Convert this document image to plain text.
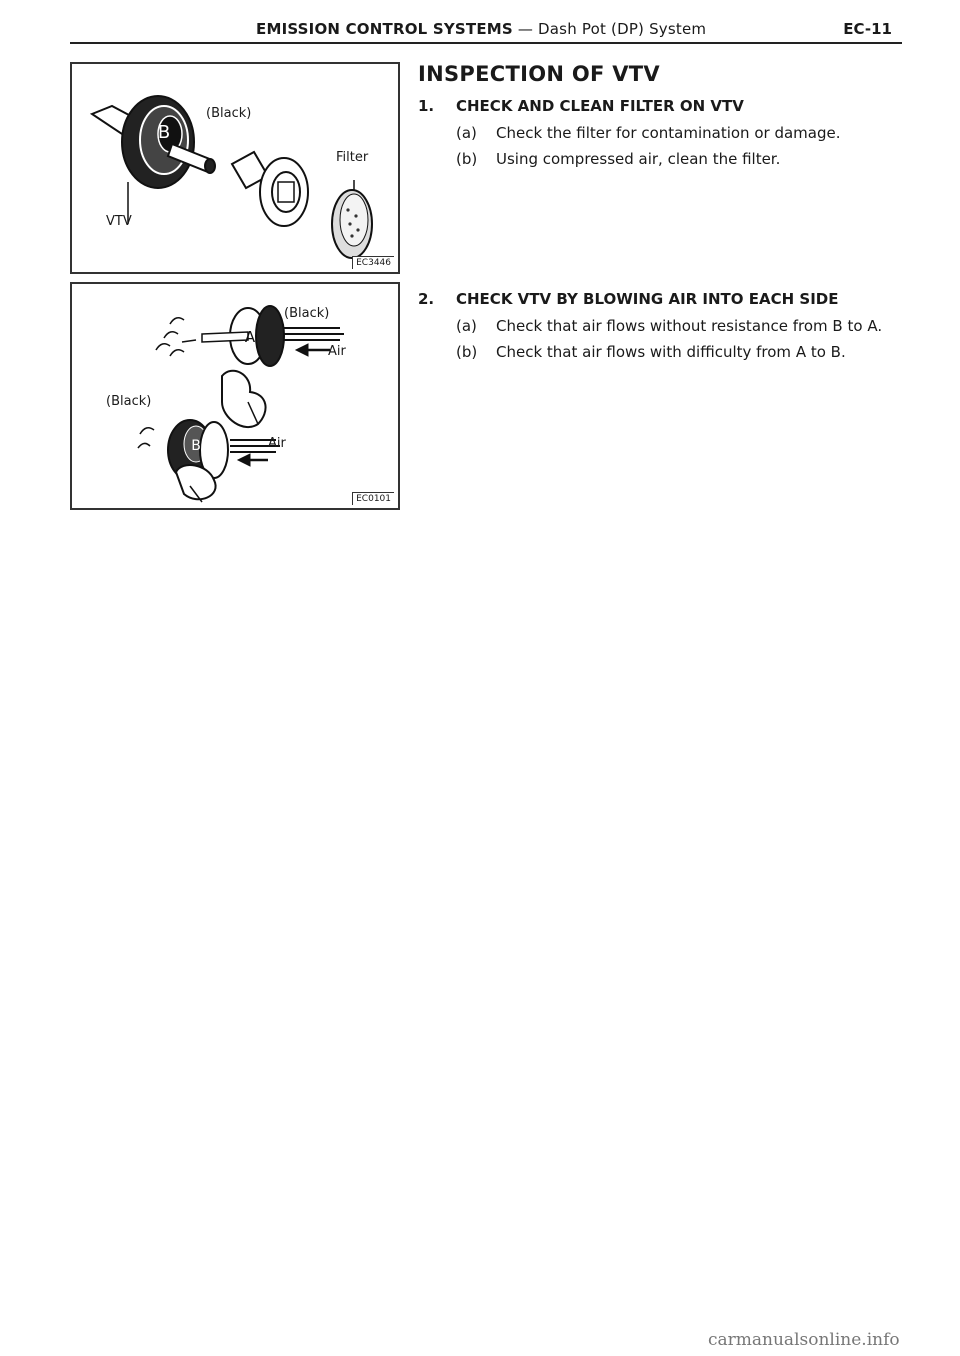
EMISSION CONTROL SYSTEMS — Dash Pot (DP) System	EC-11
B
(Black)
Filter
VTV
EC3446
A
B
(Black)
Air
(Black)
Air
EC0101
INSPECTION OF VTV
1. CHECK AND CLEAN FILTER ON VTV
(a) Check the filter for contamination or damage.
(b) Using compressed air, clean the filter.
2. CHECK VTV BY BLOWING AIR INTO EACH SIDE
(a) Check that air flows without resistance from B to A.
(b) Check that air flows with difficulty from A to B.
carmanualsonline.info
